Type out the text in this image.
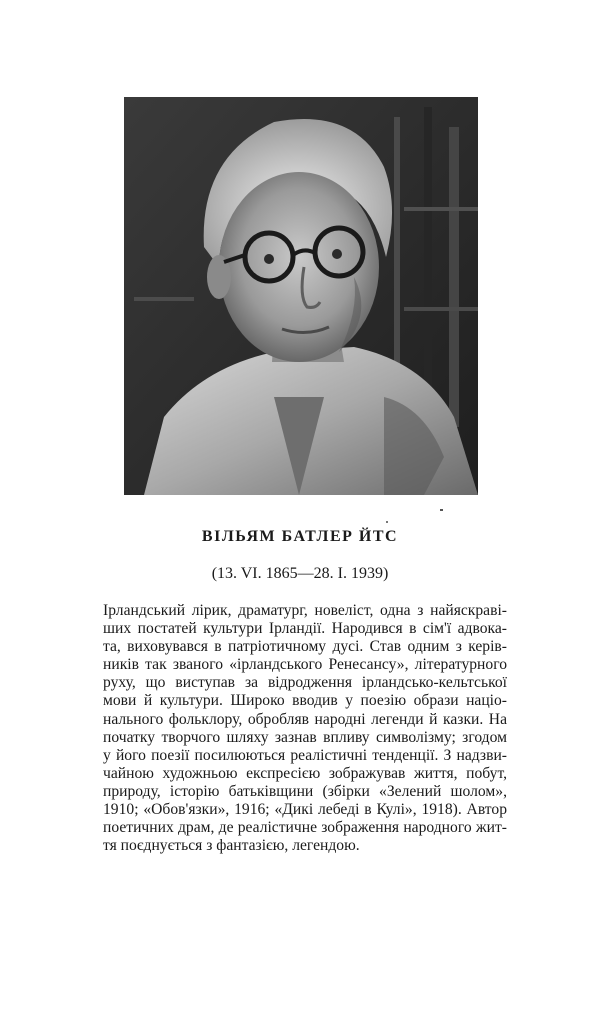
ВІЛЬЯМ БАТЛЕР ЙТС

(13. VI. 1865—28. I. 1939)

Ірландський лірик, драматург, новеліст, одна з найяскраві-
ших постатей культури Ірландії. Народився в сім'ї адвока-
та, виховувався в патріотичному дусі. Став одним з керів-
ників так званого «ірландського Ренесансу», літературного
руху, що виступав за відродження ірландсько-кельтської
мови й культури. Широко вводив у поезію образи націо-
нального фольклору, обробляв народні легенди й казки. На
початку творчого шляху зазнав впливу символізму; згодом
у його поезії посилюються реалістичні тенденції. З надзви-
чайною художньою експресією зображував життя, побут,
природу, історію батьківщини (збірки «Зелений шолом»,
1910; «Обов'язки», 1916; «Дикі лебеді в Кулі», 1918). Автор
поетичних драм, де реалістичне зображення народного жит-
тя поєднується з фантазією, легендою.
